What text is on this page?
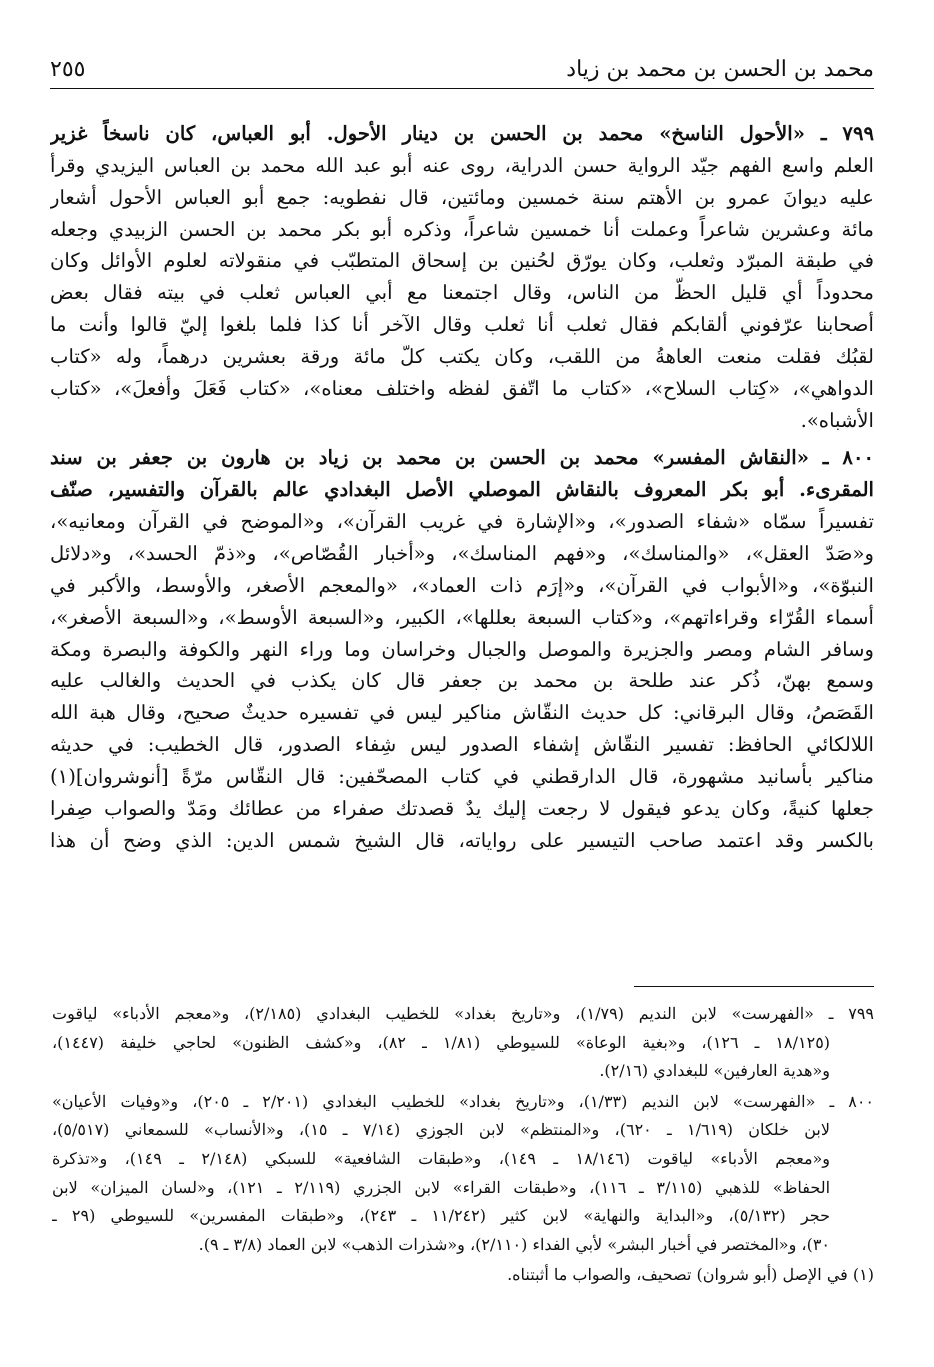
محمد بن الحسن بن محمد بن زياد
٢٥٥
٧٩٩ ـ «الأحول الناسخ» محمد بن الحسن بن دينار الأحول. أبو العباس، كان ناسخاً غزير
العلم واسع الفهم جيّد الرواية حسن الدراية، روى عنه أبو عبد الله محمد بن العباس اليزيدي وقرأ
عليه ديوانَ عمرو بن الأهتم سنة خمسين ومائتين، قال نفطويه: جمع أبو العباس الأحول أشعار
مائة وعشرين شاعراً وعملت أنا خمسين شاعراً، وذكره أبو بكر محمد بن الحسن الزبيدي وجعله
في طبقة المبرّد وثعلب، وكان يورّق لحُنين بن إسحاق المتطبّب في منقولاته لعلوم الأوائل وكان
محدوداً أي قليل الحظّ من الناس، وقال اجتمعنا مع أبي العباس ثعلب في بيته فقال بعض
أصحابنا عرّفوني ألقابكم فقال ثعلب أنا ثعلب وقال الآخر أنا كذا فلما بلغوا إليّ قالوا وأنت ما
لقبُك فقلت منعت العاهةُ من اللقب، وكان يكتب كلّ مائة ورقة بعشرين درهماً، وله «كتاب
الدواهي»، «كِتاب السلاح»، «كتاب ما اتّفق لفظه واختلف معناه»، «كتاب فَعَلَ وأفعلَ»، «كتاب
الأشباه».
٨٠٠ ـ «النقاش المفسر» محمد بن الحسن بن محمد بن زياد بن هارون بن جعفر بن سند
المقرىء. أبو بكر المعروف بالنقاش الموصلي الأصل البغدادي عالم بالقرآن والتفسير، صنّف
تفسيراً سمّاه «شفاء الصدور»، و«الإشارة في غريب القرآن»، و«الموضح في القرآن ومعانيه»،
و«صَدّ العقل»، «والمناسك»، و«فهم المناسك»، و«أخبار القُصّاص»، و«ذمّ الحسد»، و«دلائل
النبوّة»، و«الأبواب في القرآن»، و«إرَم ذات العماد»، «والمعجم الأصغر، والأوسط، والأكبر في
أسماء القُرّاء وقراءاتهم»، و«كتاب السبعة بعللها»، الكبير، و«السبعة الأوسط»، و«السبعة الأصغر»،
وسافر الشام ومصر والجزيرة والموصل والجبال وخراسان وما وراء النهر والكوفة والبصرة ومكة
وسمع بهنّ، ذُكر عند طلحة بن محمد بن جعفر قال كان يكذب في الحديث والغالب عليه
القَصَصُ، وقال البرقاني: كل حديث النقّاش مناكير ليس في تفسيره حديثٌ صحيح، وقال هبة الله
اللالكائي الحافظ: تفسير النقّاش إشفاء الصدور ليس شِفاء الصدور، قال الخطيب: في حديثه
مناكير بأسانيد مشهورة، قال الدارقطني في كتاب المصحّفين: قال النقّاس مرّةً [أنوشروان](١)
جعلها كنيةً، وكان يدعو فيقول لا رجعت إليك يدٌ قصدتك صفراء من عطائك ومَدّ والصواب صِفرا
بالكسر وقد اعتمد صاحب التيسير على رواياته، قال الشيخ شمس الدين: الذي وضح أن هذا
٧٩٩ ـ «الفهرست» لابن النديم (١/٧٩)، و«تاريخ بغداد» للخطيب البغدادي (٢/١٨٥)، و«معجم الأدباء» لياقوت
(١٨/١٢٥ ـ ١٢٦)، و«بغية الوعاة» للسيوطي (١/٨١ ـ ٨٢)، و«كشف الظنون» لحاجي خليفة (١٤٤٧)،
و«هدية العارفين» للبغدادي (٢/١٦).
٨٠٠ ـ «الفهرست» لابن النديم (١/٣٣)، و«تاريخ بغداد» للخطيب البغدادي (٢/٢٠١ ـ ٢٠٥)، و«وفيات الأعيان»
لابن خلكان (١/٦١٩ ـ ٦٢٠)، و«المنتظم» لابن الجوزي (٧/١٤ ـ ١٥)، و«الأنساب» للسمعاني (٥/٥١٧)،
و«معجم الأدباء» لياقوت (١٨/١٤٦ ـ ١٤٩)، و«طبقات الشافعية» للسبكي (٢/١٤٨ ـ ١٤٩)، و«تذكرة
الحفاظ» للذهبي (٣/١١٥ ـ ١١٦)، و«طبقات القراء» لابن الجزري (٢/١١٩ ـ ١٢١)، و«لسان الميزان» لابن
حجر (٥/١٣٢)، و«البداية والنهاية» لابن كثير (١١/٢٤٢ ـ ٢٤٣)، و«طبقات المفسرين» للسيوطي (٢٩ ـ
٣٠)، و«المختصر في أخبار البشر» لأبي الفداء (٢/١١٠)، و«شذرات الذهب» لابن العماد (٣/٨ ـ ٩).
(١) في الإصل (أبو شروان) تصحيف، والصواب ما أثبتناه.
